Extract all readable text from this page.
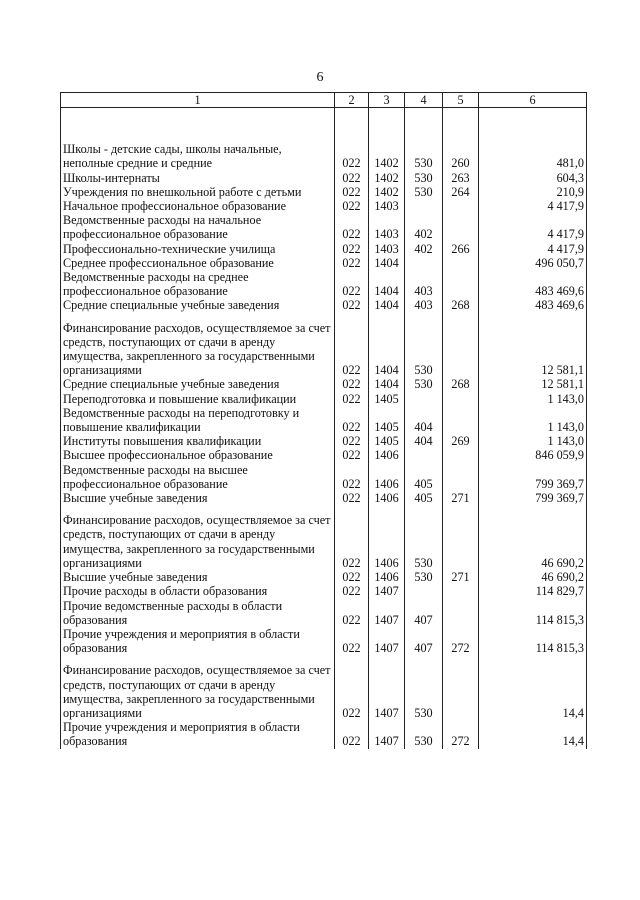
6
1	2	3	4	5	6

Школы - детские сады, школы начальные, неполные средние и средние	022	1402	530	260	481,0
Школы-интернаты	022	1402	530	263	604,3
Учреждения по внешкольной работе с детьми	022	1402	530	264	210,9
Начальное профессиональное образование	022	1403			4 417,9
Ведомственные расходы на начальное профессиональное образование	022	1403	402		4 417,9
Профессионально-технические училища	022	1403	402	266	4 417,9
Среднее профессиональное образование	022	1404			496 050,7
Ведомственные расходы на среднее профессиональное образование	022	1404	403		483 469,6
Средние специальные учебные заведения	022	1404	403	268	483 469,6
Финансирование расходов, осуществляемое за счет средств, поступающих от сдачи в аренду имущества, закрепленного за государственными организациями	022	1404	530		12 581,1
Средние специальные учебные заведения	022	1404	530	268	12 581,1
Переподготовка и повышение квалификации	022	1405			1 143,0
Ведомственные расходы на переподготовку и повышение квалификации	022	1405	404		1 143,0
Институты повышения квалификации	022	1405	404	269	1 143,0
Высшее профессиональное образование	022	1406			846 059,9
Ведомственные расходы на высшее профессиональное образование	022	1406	405		799 369,7
Высшие учебные заведения	022	1406	405	271	799 369,7
Финансирование расходов, осуществляемое за счет средств, поступающих от сдачи в аренду имущества, закрепленного за государственными организациями	022	1406	530		46 690,2
Высшие учебные заведения	022	1406	530	271	46 690,2
Прочие расходы в области образования	022	1407			114 829,7
Прочие ведомственные расходы в области образования	022	1407	407		114 815,3
Прочие учреждения и мероприятия в области образования	022	1407	407	272	114 815,3
Финансирование расходов, осуществляемое за счет средств, поступающих от сдачи в аренду имущества, закрепленного за государственными организациями	022	1407	530		14,4
Прочие учреждения и мероприятия в области образования	022	1407	530	272	14,4
